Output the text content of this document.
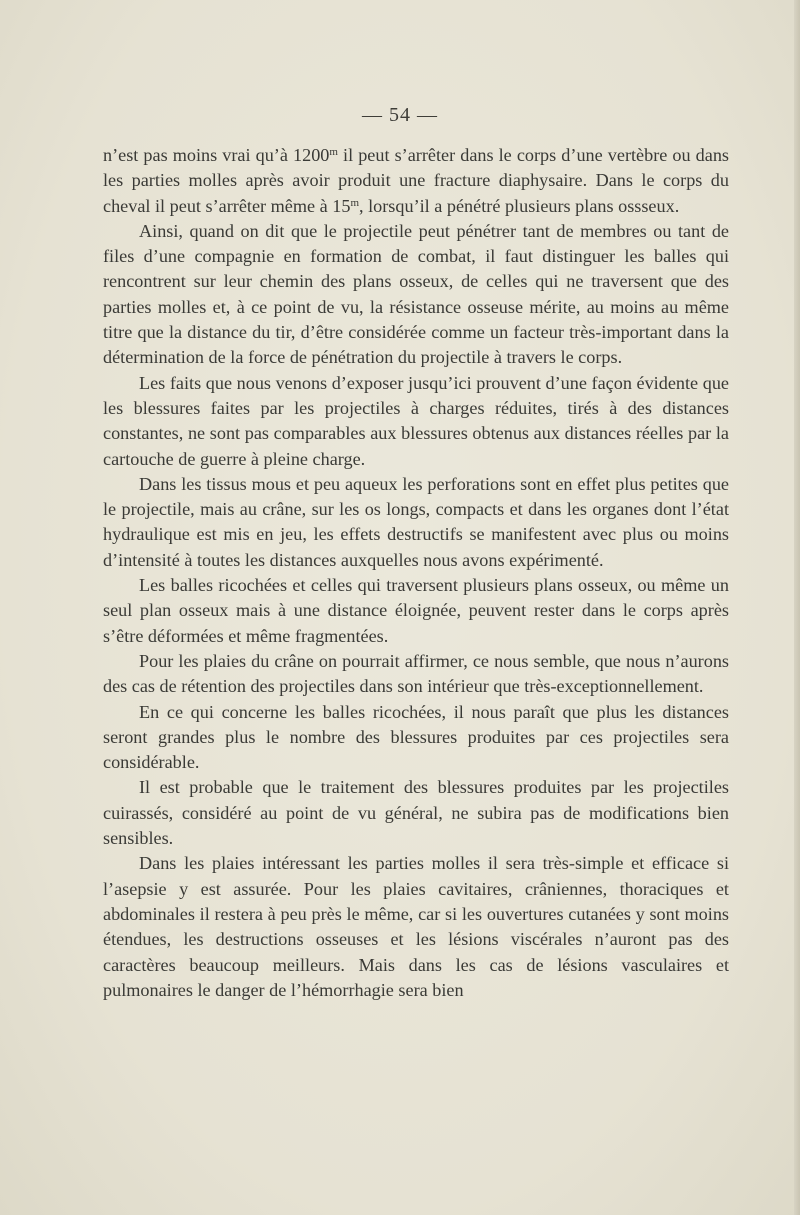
— 54 —

n’est pas moins vrai qu’à 1200$^m$ il peut s’arrêter dans le corps d’une vertèbre ou dans les parties molles après avoir produit une fracture diaphysaire. Dans le corps du cheval il peut s’arrêter même à 15$^m$, lorsqu’il a pénétré plusieurs plans ossseux.

Ainsi, quand on dit que le projectile peut pénétrer tant de membres ou tant de files d’une compagnie en formation de combat, il faut distinguer les balles qui rencontrent sur leur chemin des plans osseux, de celles qui ne traversent que des parties molles et, à ce point de vu, la résistance osseuse mérite, au moins au même titre que la distance du tir, d’être considérée comme un facteur très-important dans la détermination de la force de pénétration du projectile à travers le corps.

Les faits que nous venons d’exposer jusqu’ici prouvent d’une façon évidente que les blessures faites par les projectiles à charges réduites, tirés à des distances constantes, ne sont pas comparables aux blessures obtenus aux distances réelles par la cartouche de guerre à pleine charge.

Dans les tissus mous et peu aqueux les perforations sont en effet plus petites que le projectile, mais au crâne, sur les os longs, compacts et dans les organes dont l’état hydraulique est mis en jeu, les effets destructifs se manifestent avec plus ou moins d’intensité à toutes les distances auxquelles nous avons expérimenté.

Les balles ricochées et celles qui traversent plusieurs plans osseux, ou même un seul plan osseux mais à une distance éloignée, peuvent rester dans le corps après s’être déformées et même fragmentées.

Pour les plaies du crâne on pourrait affirmer, ce nous semble, que nous n’aurons des cas de rétention des projectiles dans son intérieur que très-exceptionnellement.

En ce qui concerne les balles ricochées, il nous paraît que plus les distances seront grandes plus le nombre des blessures produites par ces projectiles sera considérable.

Il est probable que le traitement des blessures produites par les projectiles cuirassés, considéré au point de vu général, ne subira pas de modifications bien sensibles.

Dans les plaies intéressant les parties molles il sera très-simple et efficace si l’asepsie y est assurée. Pour les plaies cavitaires, crâniennes, thoraciques et abdominales il restera à peu près le même, car si les ouvertures cutanées y sont moins étendues, les destructions osseuses et les lésions viscérales n’auront pas des caractères beaucoup meilleurs. Mais dans les cas de lésions vasculaires et pulmonaires le danger de l’hémorrhagie sera bien
